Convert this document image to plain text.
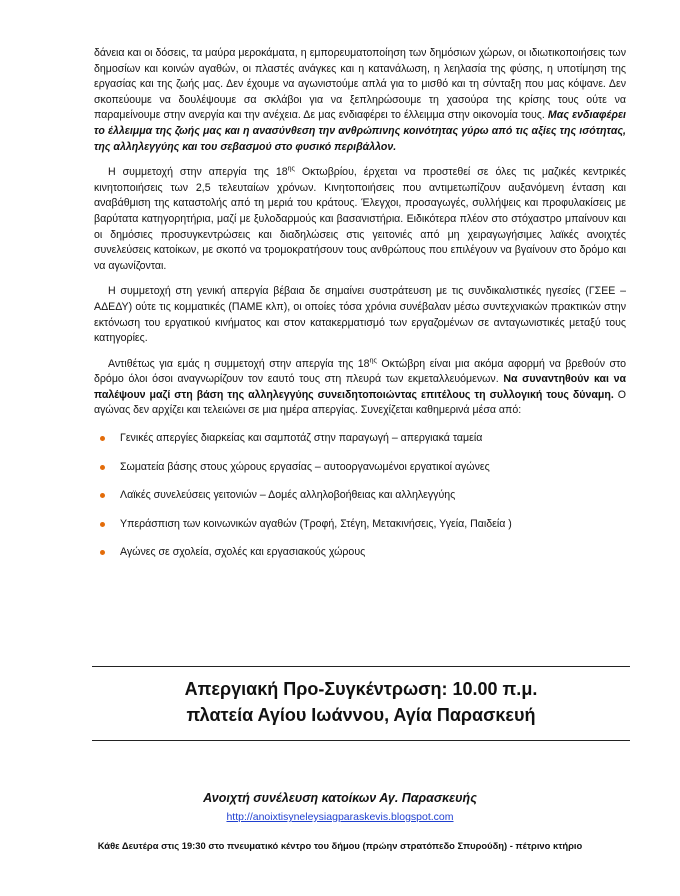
δάνεια και οι δόσεις, τα μαύρα μεροκάματα, η εμπορευματοποίηση των δημόσιων χώρων, οι ιδιωτικοποιήσεις των δημοσίων και κοινών αγαθών, οι πλαστές ανάγκες και η κατανάλωση, η λεηλασία της φύσης, η υποτίμηση της εργασίας και της ζωής μας. Δεν έχουμε να αγωνιστούμε απλά για το μισθό και τη σύνταξη που μας κόψανε. Δεν σκοπεύουμε να δουλέψουμε σα σκλάβοι για να ξεπληρώσουμε τη χασούρα της κρίσης τους ούτε να παραμείνουμε στην ανεργία και την ανέχεια. Δε μας ενδιαφέρει το έλλειμμα στην οικονομία τους. Μας ενδιαφέρει το έλλειμμα της ζωής μας και η ανασύνθεση την ανθρώπινης κοινότητας γύρω από τις αξίες της ισότητας, της αλληλεγγύης και του σεβασμού στο φυσικό περιβάλλον.

Η συμμετοχή στην απεργία της $18^{\eta\varsigma}$ Οκτωβρίου, έρχεται να προστεθεί σε όλες τις μαζικές κεντρικές κινητοποιήσεις των 2,5 τελευταίων χρόνων. Κινητοποιήσεις που αντιμετωπίζουν αυξανόμενη ένταση και αναβάθμιση της καταστολής από τη μεριά του κράτους. Έλεγχοι, προσαγωγές, συλλήψεις και προφυλακίσεις με βαρύτατα κατηγορητήρια, μαζί με ξυλοδαρμούς και βασανιστήρια. Ειδικότερα πλέον στο στόχαστρο μπαίνουν και οι δημόσιες προσυγκεντρώσεις και διαδηλώσεις στις γειτονιές από μη χειραγωγήσιμες λαϊκές ανοιχτές συνελεύσεις κατοίκων, με σκοπό να τρομοκρατήσουν τους ανθρώπους που επιλέγουν να βγαίνουν στο δρόμο και να αγωνίζονται.

Η συμμετοχή στη γενική απεργία βέβαια δε σημαίνει συστράτευση με τις συνδικαλιστικές ηγεσίες (ΓΣΕΕ – ΑΔΕΔΥ) ούτε τις κομματικές (ΠΑΜΕ κλπ), οι οποίες τόσα χρόνια συνέβαλαν μέσω συντεχνιακών πρακτικών στην εκτόνωση του εργατικού κινήματος και στον κατακερματισμό των εργαζομένων σε ανταγωνιστικές μεταξύ τους κατηγορίες.

Αντιθέτως για εμάς η συμμετοχή στην απεργία της $18^{\eta\varsigma}$ Οκτώβρη είναι μια ακόμα αφορμή να βρεθούν στο δρόμο όλοι όσοι αναγνωρίζουν τον εαυτό τους στη πλευρά των εκμεταλλευόμενων. Να συναντηθούν και να παλέψουν μαζί στη βάση της αλληλεγγύης συνειδητοποιώντας επιτέλους τη συλλογική τους δύναμη. Ο αγώνας δεν αρχίζει και τελειώνει σε μια ημέρα απεργίας. Συνεχίζεται καθημερινά μέσα από:

Γενικές απεργίες διαρκείας και σαμποτάζ στην παραγωγή – απεργιακά ταμεία
Σωματεία βάσης στους χώρους εργασίας – αυτοοργανωμένοι εργατικοί αγώνες
Λαϊκές συνελεύσεις γειτονιών – Δομές αλληλοβοήθειας και αλληλεγγύης
Υπεράσπιση των κοινωνικών αγαθών (Τροφή, Στέγη, Μετακινήσεις, Υγεία, Παιδεία )
Αγώνες σε σχολεία, σχολές και εργασιακούς χώρους
Απεργιακή Προ-Συγκέντρωση: 10.00 π.μ.
πλατεία Αγίου Ιωάννου, Αγία Παρασκευή
Ανοιχτή συνέλευση κατοίκων Αγ. Παρασκευής
http://anoixtisyneleysiagparaskevis.blogspot.com
Κάθε Δευτέρα στις 19:30 στο πνευματικό κέντρο του δήμου (πρώην στρατόπεδο Σπυρούδη) - πέτρινο κτήριο
